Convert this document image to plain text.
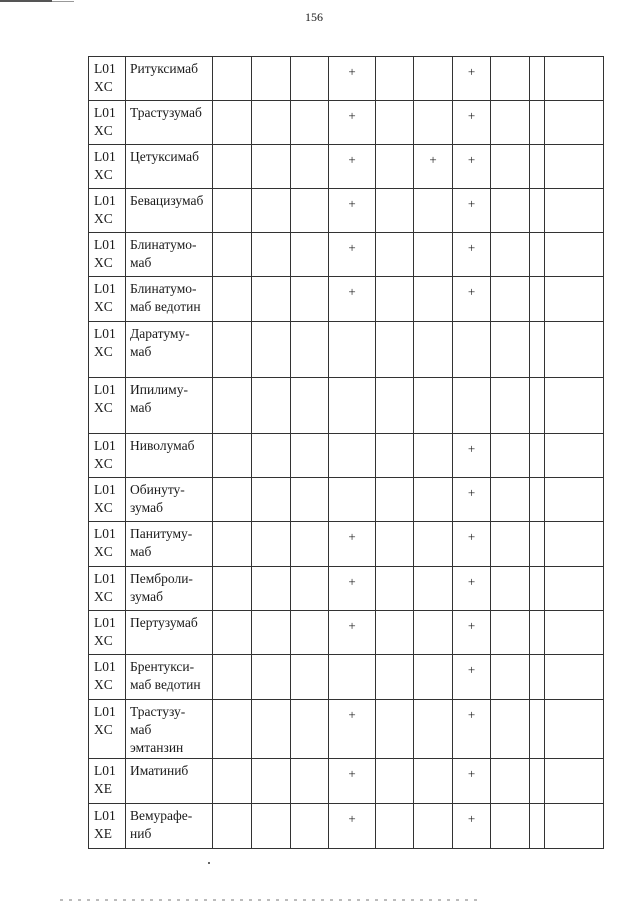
156
L01
XC	Ритуксимаб				+			+			

L01
XC	Трастузумаб				+			+			

L01
XC	Цетуксимаб				+		+	+			

L01
XC	Бевацизумаб				+			+			

L01
XC	Блинатумо-
маб				+			+			

L01
XC	Блинатумо-
маб ведотин				+			+			

L01
XC	Даратуму-
маб										

L01
XC	Ипилиму-
маб										

L01
XC	Ниволумаб							+			

L01
XC	Обинуту-
зумаб							+			

L01
XC	Панитуму-
маб				+			+			

L01
XC	Пемброли-
зумаб				+			+			

L01
XC	Пертузумаб				+			+			

L01
XC	Брентукси-
маб ведотин							+			

L01
XC	Трастузу-
маб
эмтанзин				+			+			

L01
XE	Иматиниб				+			+			

L01
XE	Вемурафе-
ниб				+			+			
